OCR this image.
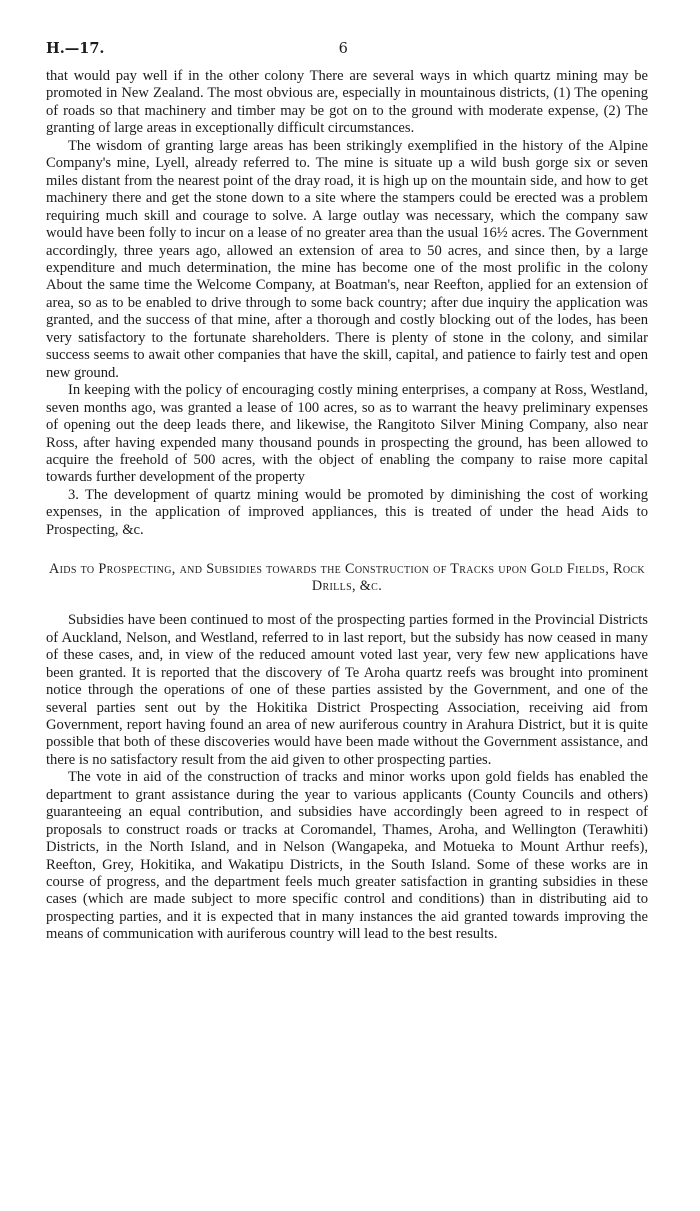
H.—17.	6

that would pay well if in the other colony There are several ways in which quartz mining may be promoted in New Zealand. The most obvious are, especially in mountainous districts, (1) The opening of roads so that machinery and timber may be got on to the ground with moderate expense, (2) The granting of large areas in exceptionally difficult circumstances.

The wisdom of granting large areas has been strikingly exemplified in the history of the Alpine Company's mine, Lyell, already referred to. The mine is situate up a wild bush gorge six or seven miles distant from the nearest point of the dray road, it is high up on the mountain side, and how to get machinery there and get the stone down to a site where the stampers could be erected was a problem requiring much skill and courage to solve. A large outlay was necessary, which the company saw would have been folly to incur on a lease of no greater area than the usual 16½ acres. The Government accordingly, three years ago, allowed an extension of area to 50 acres, and since then, by a large expenditure and much determination, the mine has become one of the most prolific in the colony About the same time the Welcome Company, at Boatman's, near Reefton, applied for an extension of area, so as to be enabled to drive through to some back country; after due inquiry the application was granted, and the success of that mine, after a thorough and costly blocking out of the lodes, has been very satisfactory to the fortunate shareholders. There is plenty of stone in the colony, and similar success seems to await other companies that have the skill, capital, and patience to fairly test and open new ground.

In keeping with the policy of encouraging costly mining enterprises, a company at Ross, Westland, seven months ago, was granted a lease of 100 acres, so as to warrant the heavy preliminary expenses of opening out the deep leads there, and likewise, the Rangitoto Silver Mining Company, also near Ross, after having expended many thousand pounds in prospecting the ground, has been allowed to acquire the freehold of 500 acres, with the object of enabling the company to raise more capital towards further development of the property

3. The development of quartz mining would be promoted by diminishing the cost of working expenses, in the application of improved appliances, this is treated of under the head Aids to Prospecting, &c.

Aids to Prospecting, and Subsidies towards the Construction of Tracks upon Gold Fields, Rock Drills, &c.

Subsidies have been continued to most of the prospecting parties formed in the Provincial Districts of Auckland, Nelson, and Westland, referred to in last report, but the subsidy has now ceased in many of these cases, and, in view of the reduced amount voted last year, very few new applications have been granted. It is reported that the discovery of Te Aroha quartz reefs was brought into prominent notice through the operations of one of these parties assisted by the Government, and one of the several parties sent out by the Hokitika District Prospecting Association, receiving aid from Government, report having found an area of new auriferous country in Arahura District, but it is quite possible that both of these discoveries would have been made without the Government assistance, and there is no satisfactory result from the aid given to other prospecting parties.

The vote in aid of the construction of tracks and minor works upon gold fields has enabled the department to grant assistance during the year to various applicants (County Councils and others) guaranteeing an equal contribution, and subsidies have accordingly been agreed to in respect of proposals to construct roads or tracks at Coromandel, Thames, Aroha, and Wellington (Terawhiti) Districts, in the North Island, and in Nelson (Wangapeka, and Motueka to Mount Arthur reefs), Reefton, Grey, Hokitika, and Wakatipu Districts, in the South Island. Some of these works are in course of progress, and the department feels much greater satisfaction in granting subsidies in these cases (which are made subject to more specific control and conditions) than in distributing aid to prospecting parties, and it is expected that in many instances the aid granted towards improving the means of communication with auriferous country will lead to the best results.
